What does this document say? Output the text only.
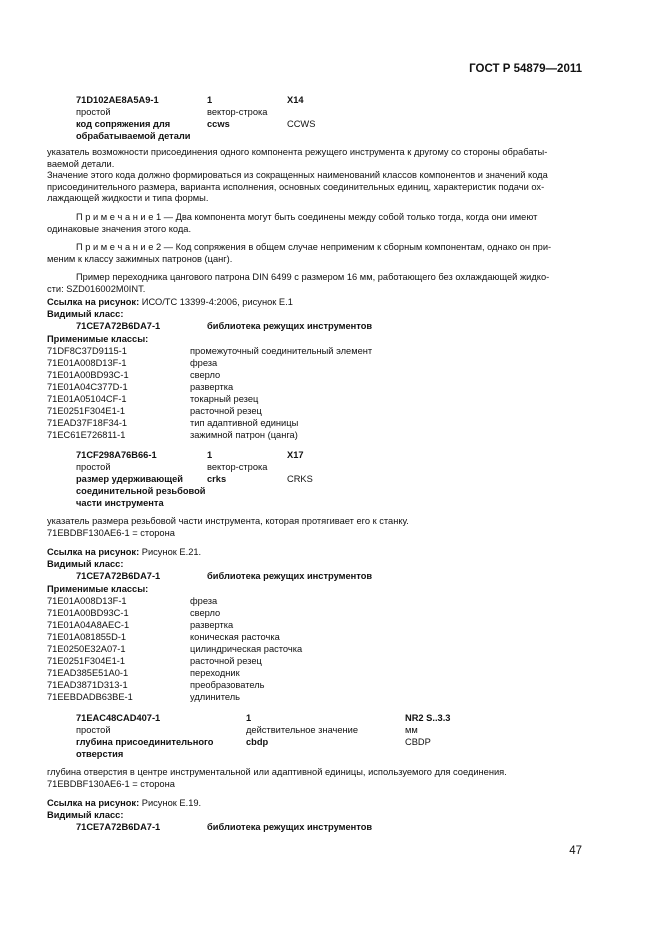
ГОСТ Р 54879—2011
71D102AE8A5A9-1	1	X14
простой	вектор-строка
код сопряжения для
обрабатываемой детали
ccws	CCWS
указатель возможности присоединения одного компонента режущего инструмента к другому со стороны обрабаты-
ваемой детали.
Значение этого кода должно формироваться из сокращенных наименований классов компонентов и значений кода
присоединительного размера, варианта исполнения, основных соединительных единиц, характеристик подачи ох-
лаждающей жидкости и типа формы.
П р и м е ч а н и е 1 — Два компонента могут быть соединены между собой только тогда, когда они имеют
одинаковые значения этого кода.
П р и м е ч а н и е 2 — Код сопряжения в общем случае неприменим к сборным компонентам, однако он при-
меним к классу зажимных патронов (цанг).
Пример переходника цангового патрона DIN 6499 с размером 16 мм, работающего без охлаждающей жидко-
сти: SZD016002M0INT.
Ссылка на рисунок: ИСО/ТС 13399-4:2006, рисунок Е.1
Видимый класс:
71CE7A72B6DA7-1	библиотека режущих инструментов
Применимые классы:
71DF8C37D9115-1	промежуточный соединительный элемент
71E01A008D13F-1	фреза
71E01A00BD93C-1	сверло
71E01A04C377D-1	развертка
71E01A05104CF-1	токарный резец
71E0251F304E1-1	расточной резец
71EAD37F18F34-1	тип адаптивной единицы
71EC61E726811-1	зажимной патрон (цанга)
71CF298A76B66-1	1	X17
простой	вектор-строка
размер удерживающей
соединительной резьбовой
части инструмента
crks	CRKS
указатель размера резьбовой части инструмента, которая протягивает его к станку.
71EBDBF130AE6-1 = сторона
Ссылка на рисунок: Рисунок Е.21.
Видимый класс:
71CE7A72B6DA7-1	библиотека режущих инструментов
Применимые классы:
71E01A008D13F-1	фреза
71E01A00BD93C-1	сверло
71E01A04A8AEC-1	развертка
71E01A081855D-1	коническая расточка
71E0250E32A07-1	цилиндрическая расточка
71E0251F304E1-1	расточной резец
71EAD385E51A0-1	переходник
71EAD3871D313-1	преобразователь
71EEBDADB63BE-1	удлинитель
71EAC48CAD407-1	1	NR2 S..3.3
простой	действительное значение	мм
глубина присоединительного
отверстия
cbdp	CBDP
глубина отверстия в центре инструментальной или адаптивной единицы, используемого для соединения.
71EBDBF130AE6-1 = сторона
Ссылка на рисунок: Рисунок Е.19.
Видимый класс:
71CE7A72B6DA7-1	библиотека режущих инструментов
47
